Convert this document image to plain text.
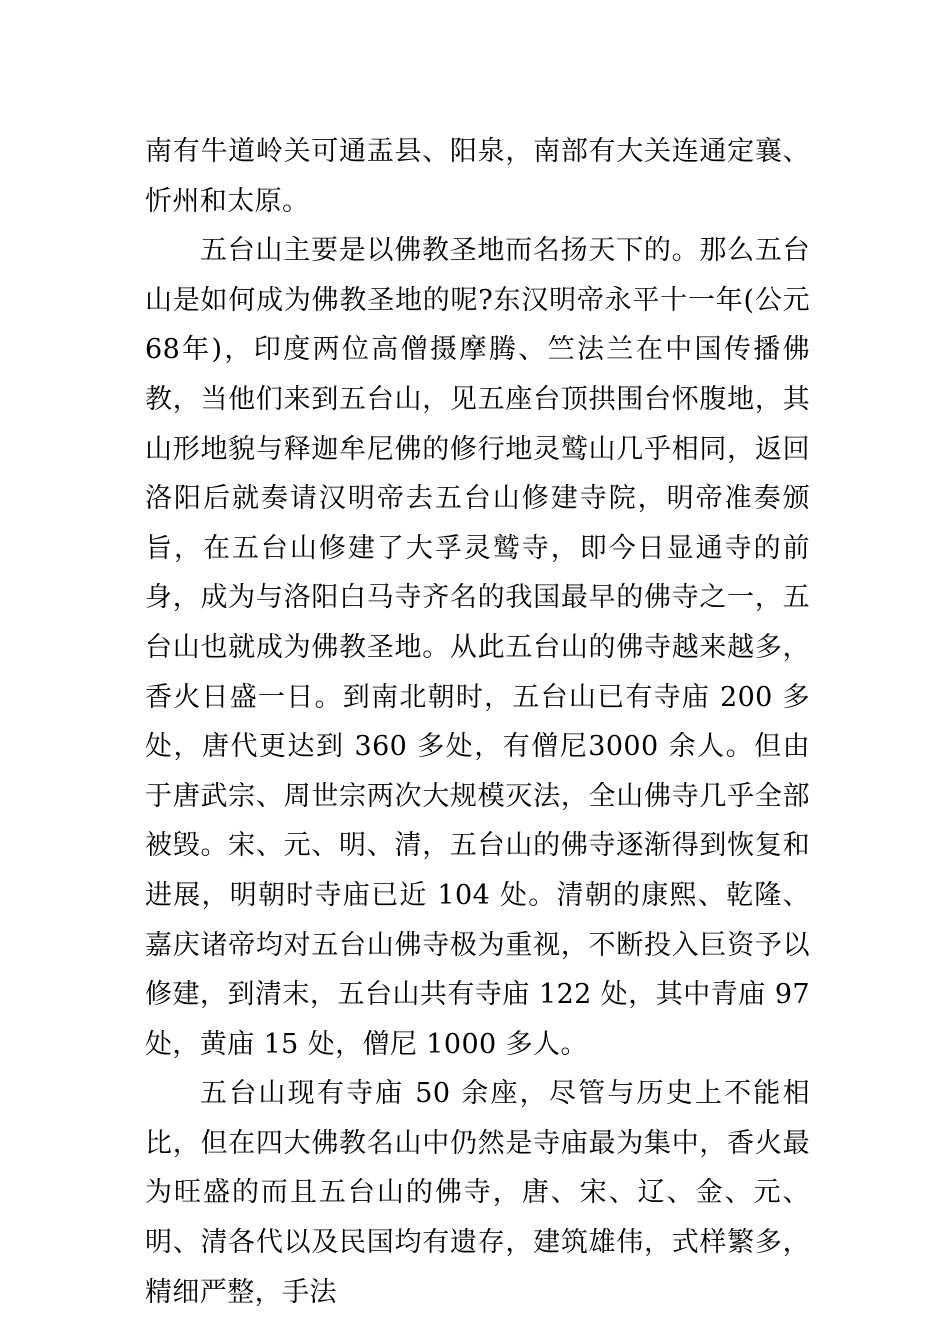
南有牛道岭关可通盂县、阳泉，南部有大关连通定襄、忻州和太原。

五台山主要是以佛教圣地而名扬天下的。那么五台山是如何成为佛教圣地的呢?东汉明帝永平十一年(公元68年)，印度两位高僧摄摩腾、竺法兰在中国传播佛教，当他们来到五台山，见五座台顶拱围台怀腹地，其山形地貌与释迦牟尼佛的修行地灵鹫山几乎相同，返回洛阳后就奏请汉明帝去五台山修建寺院，明帝准奏颁旨，在五台山修建了大孚灵鹫寺，即今日显通寺的前身，成为与洛阳白马寺齐名的我国最早的佛寺之一，五台山也就成为佛教圣地。从此五台山的佛寺越来越多，香火日盛一日。到南北朝时，五台山已有寺庙 200 多处，唐代更达到 360 多处，有僧尼3000 余人。但由于唐武宗、周世宗两次大规模灭法，全山佛寺几乎全部被毁。宋、元、明、清，五台山的佛寺逐渐得到恢复和进展，明朝时寺庙已近 104 处。清朝的康熙、乾隆、嘉庆诸帝均对五台山佛寺极为重视，不断投入巨资予以修建，到清末，五台山共有寺庙 122 处，其中青庙 97 处，黄庙 15 处，僧尼 1000 多人。

五台山现有寺庙 50 余座，尽管与历史上不能相比，但在四大佛教名山中仍然是寺庙最为集中，香火最为旺盛的而且五台山的佛寺，唐、宋、辽、金、元、明、清各代以及民国均有遗存，建筑雄伟，式样繁多，精细严整，手法
